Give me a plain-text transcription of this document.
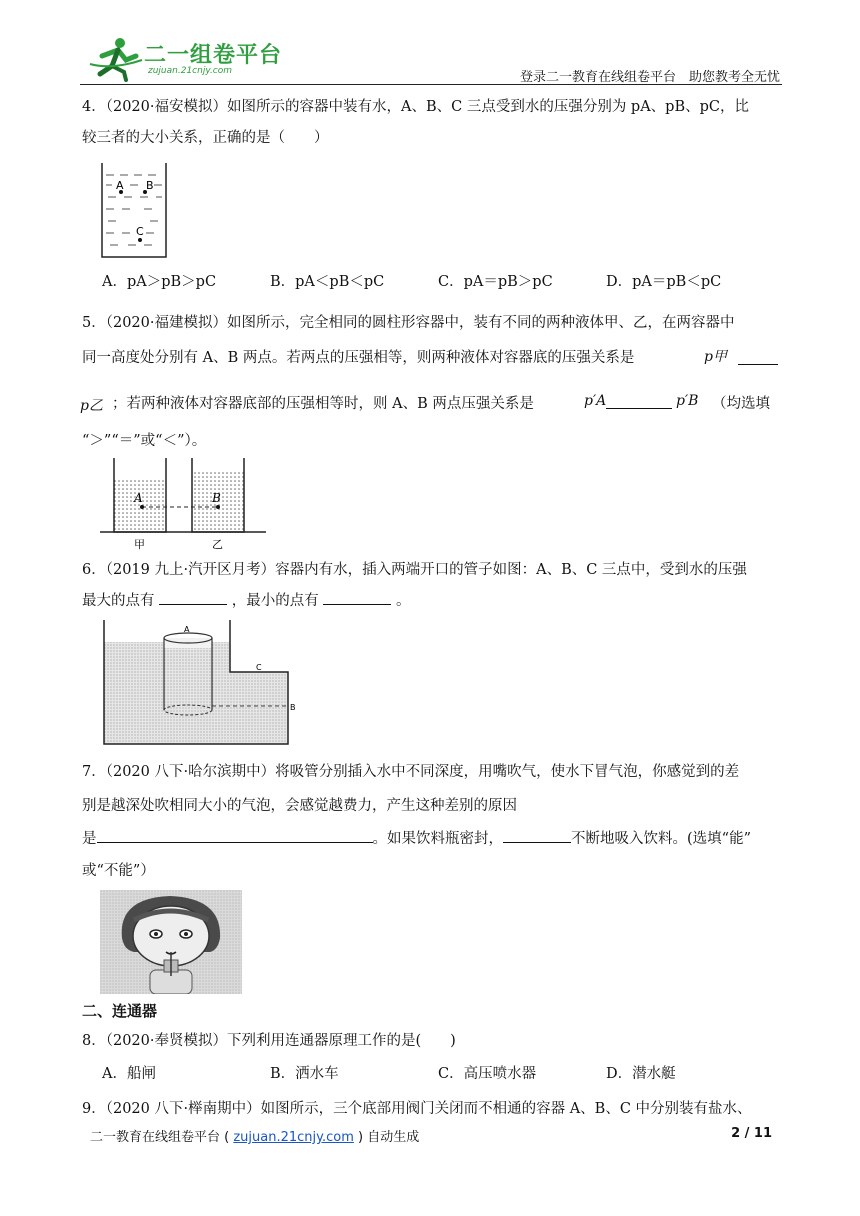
二一组卷平台
zujuan.21cnjy.com	登录二一教育在线组卷平台　助您教考全无忧
4．（2020·福安模拟）如图所示的容器中装有水，A、B、C 三点受到水的压强分别为 pA、pB、pC，比
较三者的大小关系，正确的是（　　）
A B
C
A．pA＞pB＞pC	B．pA＜pB＜pC	C．pA＝pB＞pC	D．pA＝pB＜pC
5．（2020·福建模拟）如图所示，完全相同的圆柱形容器中，装有不同的两种液体甲、乙，在两容器中
同一高度处分别有 A、B 两点。若两点的压强相等，则两种液体对容器底的压强关系是	p甲
p乙 ；若两种液体对容器底部的压强相等时，则 A、B 两点压强关系是	p′A	p′B （均选填
“＞”“＝”或“＜”）。
A	B
甲	乙
6．（2019 九上·汽开区月考）容器内有水，插入两端开口的管子如图：A、B、C 三点中，受到水的压强
最大的点有	，最小的点有	。
A
C
B
7．（2020 八下·哈尔滨期中）将吸管分别插入水中不同深度，用嘴吹气，使水下冒气泡，你感觉到的差
别是越深处吹相同大小的气泡，会感觉越费力，产生这种差别的原因
是	。如果饮料瓶密封，	不断地吸入饮料。(选填“能”
或“不能”）
二、连通器
8．（2020·奉贤模拟）下列利用连通器原理工作的是(　　)
A．船闸	B．洒水车	C．高压喷水器	D．潜水艇
9．（2020 八下·榉南期中）如图所示，三个底部用阀门关闭而不相通的容器 A、B、C 中分别装有盐水、
二一教育在线组卷平台 ( zujuan.21cnjy.com ) 自动生成	2 / 11
